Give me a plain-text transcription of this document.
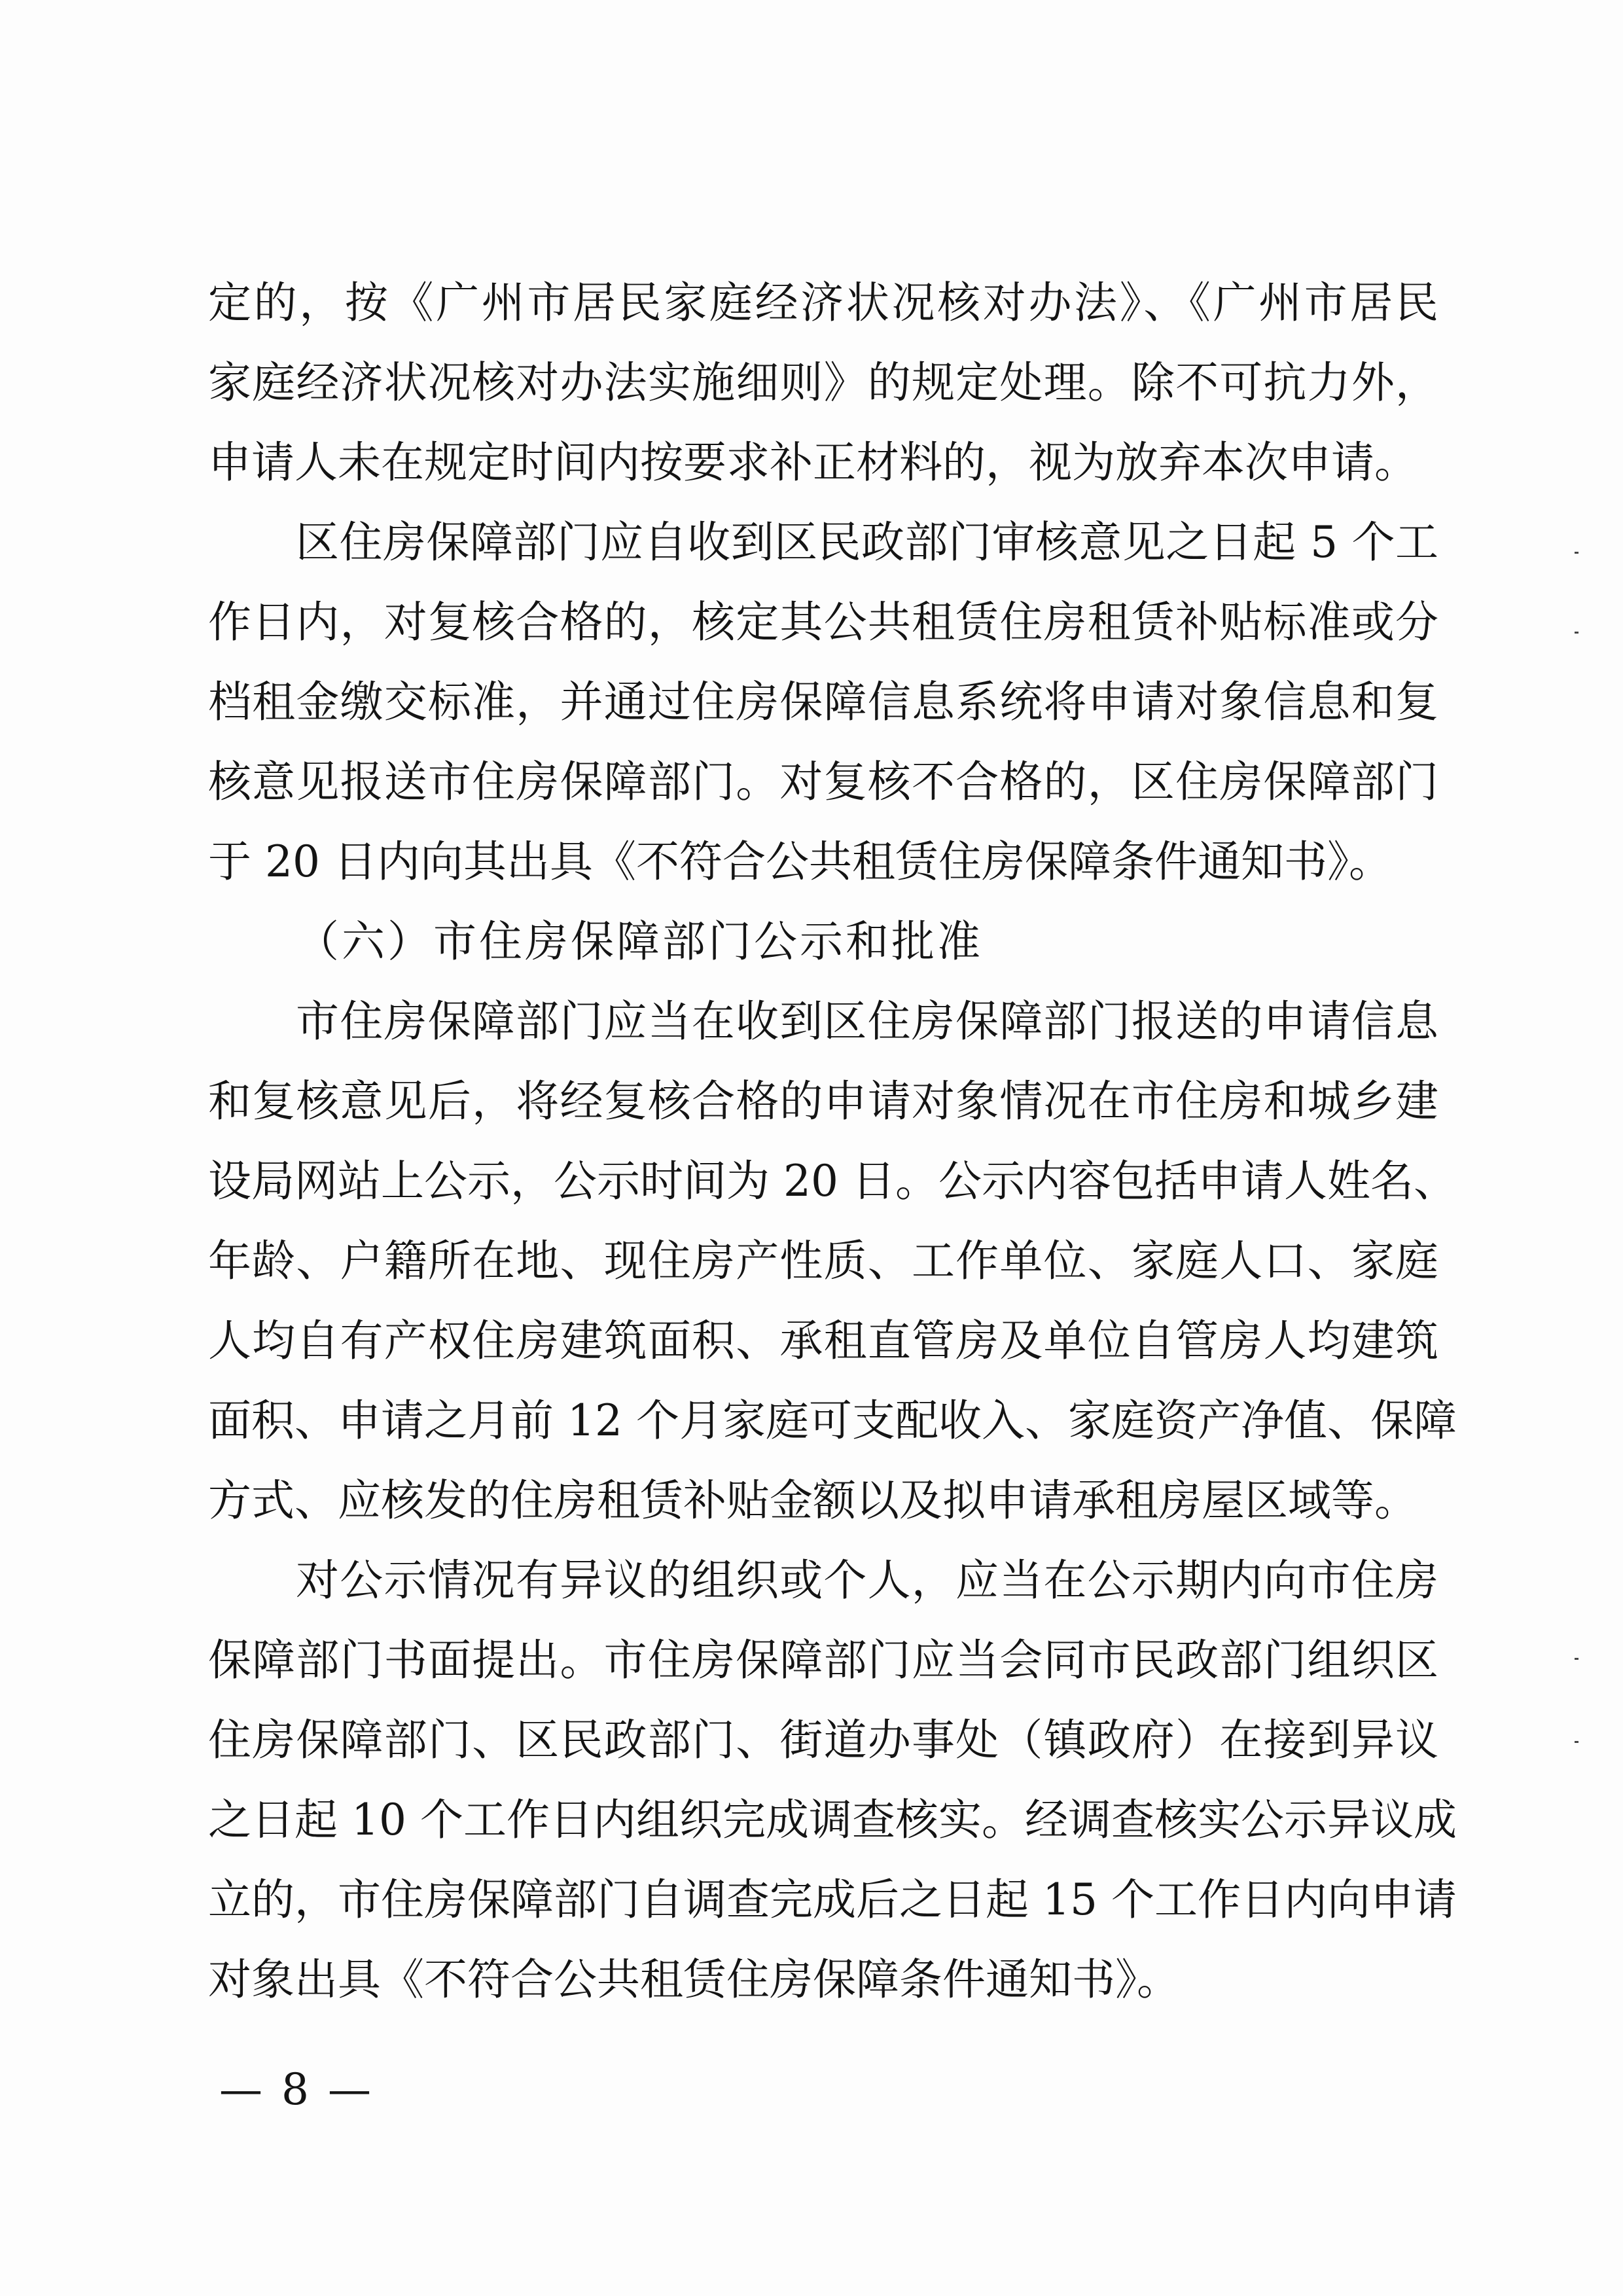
定的，按《广州市居民家庭经济状况核对办法》、《广州市居民
家庭经济状况核对办法实施细则》的规定处理。除不可抗力外，
申请人未在规定时间内按要求补正材料的，视为放弃本次申请。
区住房保障部门应自收到区民政部门审核意见之日起 5 个工
作日内，对复核合格的，核定其公共租赁住房租赁补贴标准或分
档租金缴交标准，并通过住房保障信息系统将申请对象信息和复
核意见报送市住房保障部门。对复核不合格的，区住房保障部门
于 20 日内向其出具《不符合公共租赁住房保障条件通知书》。
（六）市住房保障部门公示和批准
市住房保障部门应当在收到区住房保障部门报送的申请信息
和复核意见后，将经复核合格的申请对象情况在市住房和城乡建
设局网站上公示，公示时间为 20 日。公示内容包括申请人姓名、
年龄、户籍所在地、现住房产性质、工作单位、家庭人口、家庭
人均自有产权住房建筑面积、承租直管房及单位自管房人均建筑
面积、申请之月前 12 个月家庭可支配收入、家庭资产净值、保障
方式、应核发的住房租赁补贴金额以及拟申请承租房屋区域等。
对公示情况有异议的组织或个人，应当在公示期内向市住房
保障部门书面提出。市住房保障部门应当会同市民政部门组织区
住房保障部门、区民政部门、街道办事处（镇政府）在接到异议
之日起 10 个工作日内组织完成调查核实。经调查核实公示异议成
立的，市住房保障部门自调查完成后之日起 15 个工作日内向申请
对象出具《不符合公共租赁住房保障条件通知书》。
— 8 —
